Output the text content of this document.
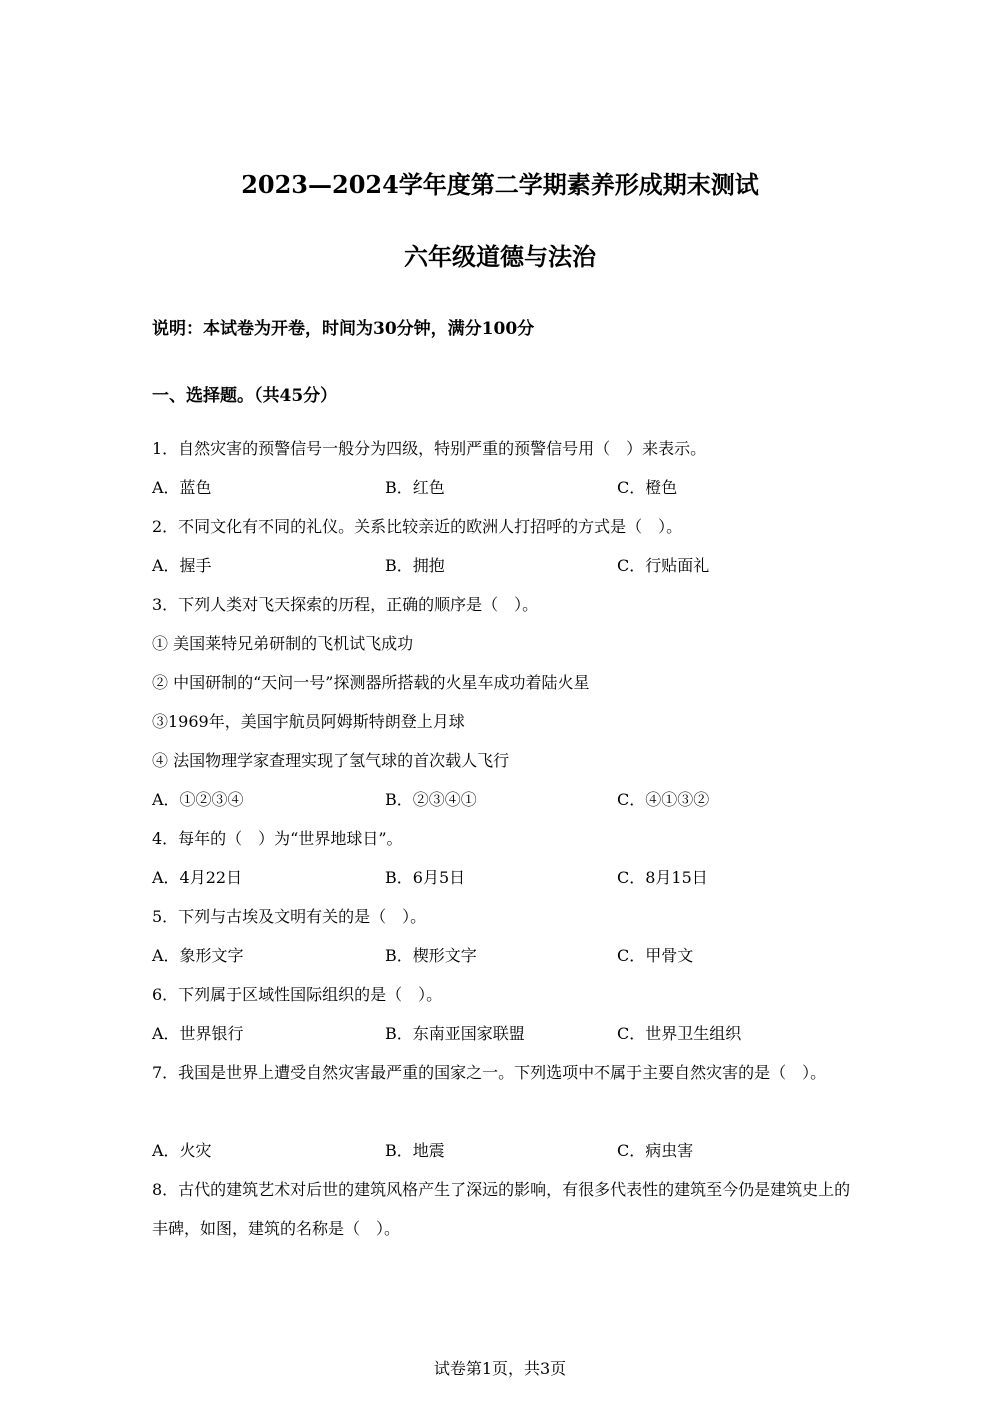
2023—2024学年度第二学期素养形成期末测试
六年级道德与法治
说明：本试卷为开卷，时间为30分钟，满分100分
一、选择题。（共45分）
1．自然灾害的预警信号一般分为四级，特别严重的预警信号用（　）来表示。
A．蓝色	B．红色	C．橙色
2．不同文化有不同的礼仪。关系比较亲近的欧洲人打招呼的方式是（　）。
A．握手	B．拥抱	C．行贴面礼
3．下列人类对飞天探索的历程，正确的顺序是（　）。
① 美国莱特兄弟研制的飞机试飞成功
② 中国研制的“天问一号”探测器所搭载的火星车成功着陆火星
③1969年，美国宇航员阿姆斯特朗登上月球
④ 法国物理学家查理实现了氢气球的首次载人飞行
A．①②③④	B．②③④①	C．④①③②
4．每年的（　）为“世界地球日”。
A．4月22日	B．6月5日	C．8月15日
5．下列与古埃及文明有关的是（　）。
A．象形文字	B．楔形文字	C．甲骨文
6．下列属于区域性国际组织的是（　）。
A．世界银行	B．东南亚国家联盟	C．世界卫生组织
7．我国是世界上遭受自然灾害最严重的国家之一。下列选项中不属于主要自然灾害的是（　）。
A．火灾	B．地震	C．病虫害
8．古代的建筑艺术对后世的建筑风格产生了深远的影响，有很多代表性的建筑至今仍是建筑史上的丰碑，如图，建筑的名称是（　）。
试卷第1页，共3页
